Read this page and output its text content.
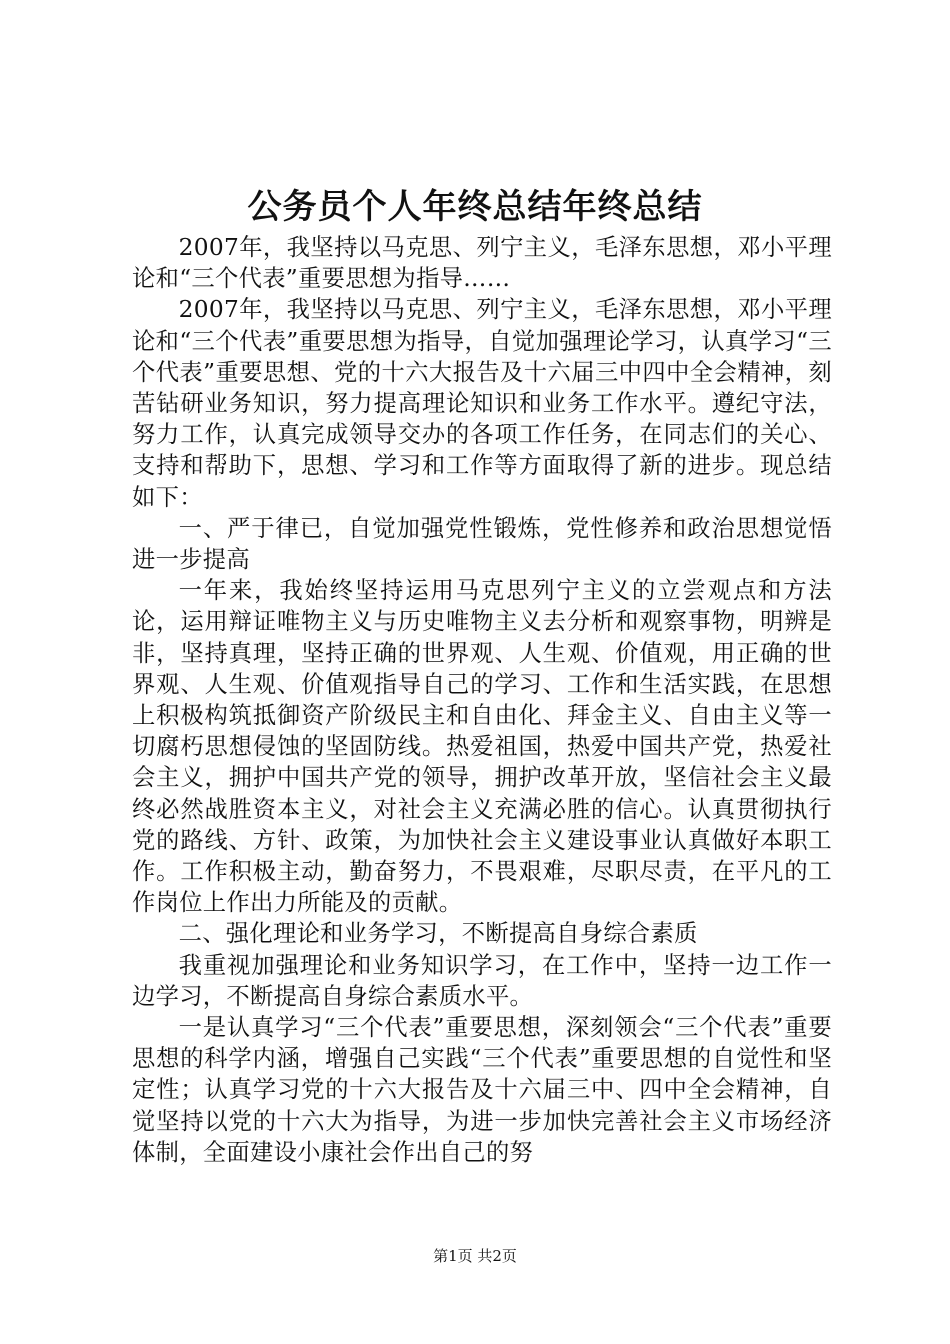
公务员个人年终总结年终总结

2007年，我坚持以马克思、列宁主义，毛泽东思想，邓小平理论和“三个代表”重要思想为指导……

2007年，我坚持以马克思、列宁主义，毛泽东思想，邓小平理论和“三个代表”重要思想为指导，自觉加强理论学习，认真学习“三个代表”重要思想、党的十六大报告及十六届三中四中全会精神，刻苦钻研业务知识，努力提高理论知识和业务工作水平。遵纪守法，努力工作，认真完成领导交办的各项工作任务，在同志们的关心、支持和帮助下，思想、学习和工作等方面取得了新的进步。现总结如下：

一、严于律已，自觉加强党性锻炼，党性修养和政治思想觉悟进一步提高

一年来，我始终坚持运用马克思列宁主义的立尝观点和方法论，运用辩证唯物主义与历史唯物主义去分析和观察事物，明辨是非，坚持真理，坚持正确的世界观、人生观、价值观，用正确的世界观、人生观、价值观指导自己的学习、工作和生活实践，在思想上积极构筑抵御资产阶级民主和自由化、拜金主义、自由主义等一切腐朽思想侵蚀的坚固防线。热爱祖国，热爱中国共产党，热爱社会主义，拥护中国共产党的领导，拥护改革开放，坚信社会主义最终必然战胜资本主义，对社会主义充满必胜的信心。认真贯彻执行党的路线、方针、政策，为加快社会主义建设事业认真做好本职工作。工作积极主动，勤奋努力，不畏艰难，尽职尽责，在平凡的工作岗位上作出力所能及的贡献。

二、强化理论和业务学习，不断提高自身综合素质

我重视加强理论和业务知识学习，在工作中，坚持一边工作一边学习，不断提高自身综合素质水平。

一是认真学习“三个代表”重要思想，深刻领会“三个代表”重要思想的科学内涵，增强自己实践“三个代表”重要思想的自觉性和坚定性；认真学习党的十六大报告及十六届三中、四中全会精神，自觉坚持以党的十六大为指导，为进一步加快完善社会主义市场经济体制，全面建设小康社会作出自己的努

第1页 共2页
